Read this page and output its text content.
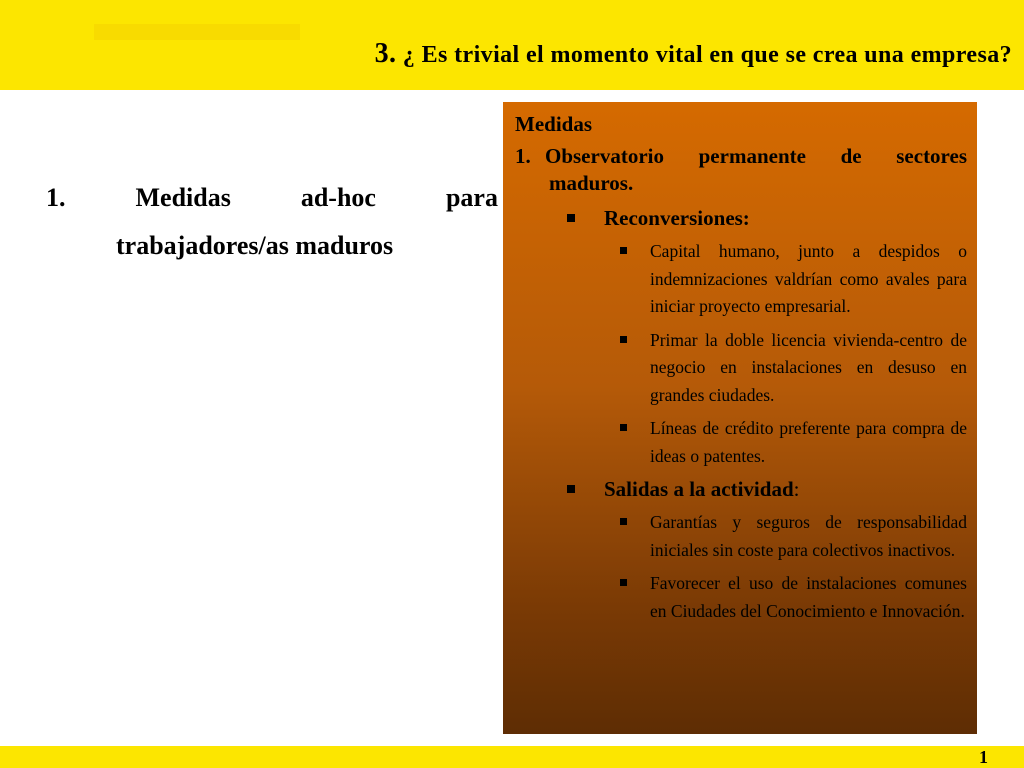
3. ¿ Es trivial el momento vital en que se crea una empresa?
1.	Medidas	ad-hoc	para
trabajadores/as maduros
Medidas
1. Observatorio permanente de sectores maduros.
Reconversiones:
Capital humano, junto a despidos o indemnizaciones valdrían como avales para iniciar proyecto empresarial.
Primar la doble licencia vivienda-centro de negocio en instalaciones en desuso en grandes ciudades.
Líneas de crédito preferente para compra de ideas o patentes.
Salidas a la actividad:
Garantías y seguros de responsabilidad iniciales sin coste para colectivos inactivos.
Favorecer el uso de instalaciones comunes en Ciudades del Conocimiento e Innovación.

1
